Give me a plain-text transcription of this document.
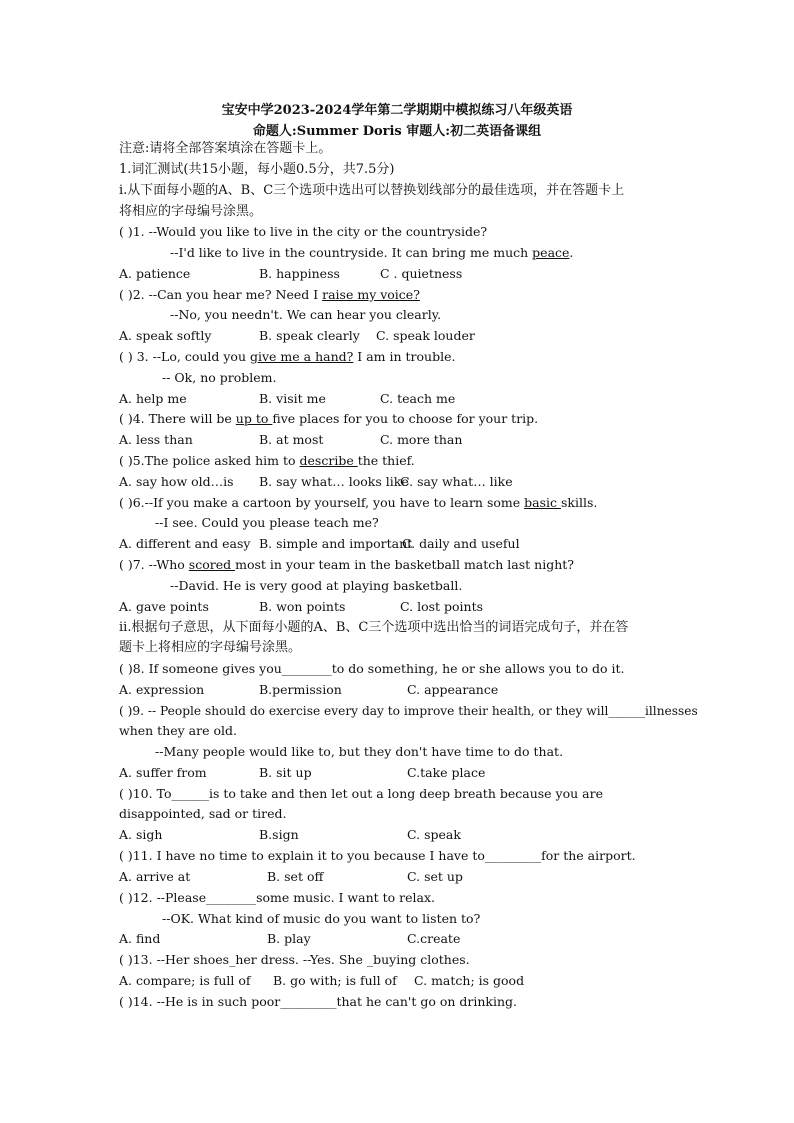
宝安中学2023-2024学年第二学期期中模拟练习八年级英语
命题人:Summer Doris 审题人:初二英语备课组
注意:请将全部答案填涂在答题卡上。
1.词汇测试(共15小题，每小题0.5分，共7.5分)
i.从下面每小题的A、B、C三个选项中选出可以替换划线部分的最佳选项，并在答题卡上
将相应的字母编号涂黑。
( )1. --Would you like to live in the city or the countryside?
--I'd like to live in the countryside. It can bring me much peace.
A. patience	B. happiness	C . quietness
( )2. --Can you hear me? Need I raise my voice?
--No, you needn't. We can hear you clearly.
A. speak softly	B. speak clearly C. speak louder
( ) 3. --Lo, could you give me a hand? I am in trouble.
-- Ok, no problem.
A. help me	B. visit me	C. teach me
( )4. There will be up to five places for you to choose for your trip.
A. less than	B. at most	C. more than
( )5.The police asked him to describe the thief.
A. say how old…is B. say what… looks like
C. say what… like
( )6.--If you make a cartoon by yourself, you have to learn some basic skills.
--I see. Could you please teach me?
A. different and easy B. simple and important
C. daily and useful
( )7. --Who scored most in your team in the basketball match last night?
--David. He is very good at playing basketball.
A. gave points	B. won points	C. lost points
ii.根据句子意思，从下面每小题的A、B、C三个选项中选出恰当的词语完成句子，并在答
题卡上将相应的字母编号涂黑。
( )8. If someone gives you________to do something, he or she allows you to do it.
A. expression	B.permission	C. appearance
( )9. -- People should do exercise every day to improve their health, or they will______illnesses
when they are old.
--Many people would like to, but they don't have time to do that.
A. suffer from	B. sit up	C.take place
( )10. To______is to take and then let out a long deep breath because you are
disappointed, sad or tired.
A. sigh	B.sign	C. speak
( )11. I have no time to explain it to you because I have to_________for the airport.
A. arrive at	B. set off	C. set up
( )12. --Please________some music. I want to relax.
--OK. What kind of music do you want to listen to?
A. find	B. play	C.create
( )13. --Her shoes_her dress. --Yes. She _buying clothes.
A. compare; is full of B. go with; is full of C. match; is good
( )14. --He is in such poor_________that he can't go on drinking.
